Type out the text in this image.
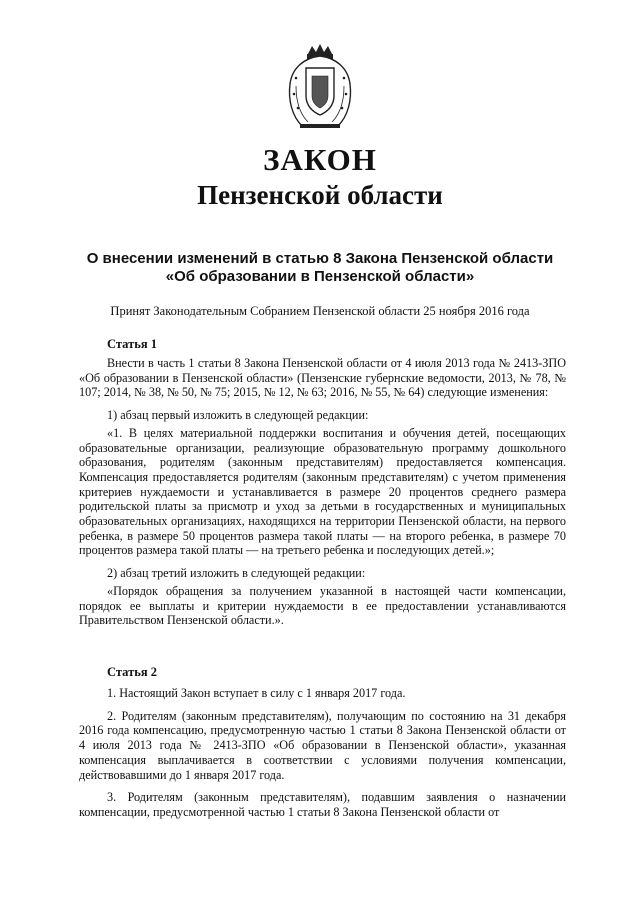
ЗАКОН
Пензенской области
О внесении изменений в статью 8 Закона Пензенской области
«Об образовании в Пензенской области»
Принят Законодательным Собранием Пензенской области 25 ноября 2016 года
Статья 1

Внести в часть 1 статьи 8 Закона Пензенской области от 4 июля 2013 года № 2413-ЗПО «Об образовании в Пензенской области» (Пензенские губернские ведомости, 2013, № 78, № 107; 2014, № 38, № 50, № 75; 2015, № 12, № 63; 2016, № 55, № 64) следующие изменения:

1) абзац первый изложить в следующей редакции:

«1. В целях материальной поддержки воспитания и обучения детей, посещающих образовательные организации, реализующие образовательную программу дошкольного образования, родителям (законным представителям) предоставляется компенсация. Компенсация предоставляется родителям (законным представителям) с учетом применения критериев нуждаемости и устанавливается в размере 20 процентов среднего размера родительской платы за присмотр и уход за детьми в государственных и муниципальных образовательных организациях, находящихся на территории Пензенской области, на первого ребенка, в размере 50 процентов размера такой платы — на второго ребенка, в размере 70 процентов размера такой платы — на третьего ребенка и последующих детей.»;

2) абзац третий изложить в следующей редакции:

«Порядок обращения за получением указанной в настоящей части компенсации, порядок ее выплаты и критерии нуждаемости в ее предоставлении устанавливаются Правительством Пензенской области.».

Статья 2

1. Настоящий Закон вступает в силу с 1 января 2017 года.

2. Родителям (законным представителям), получающим по состоянию на 31 декабря 2016 года компенсацию, предусмотренную частью 1 статьи 8 Закона Пензенской области от 4 июля 2013 года № 2413-ЗПО «Об образовании в Пензенской области», указанная компенсация выплачивается в соответствии с условиями получения компенсации, действовавшими до 1 января 2017 года.

3. Родителям (законным представителям), подавшим заявления о назначении компенсации, предусмотренной частью 1 статьи 8 Закона Пензенской области от
